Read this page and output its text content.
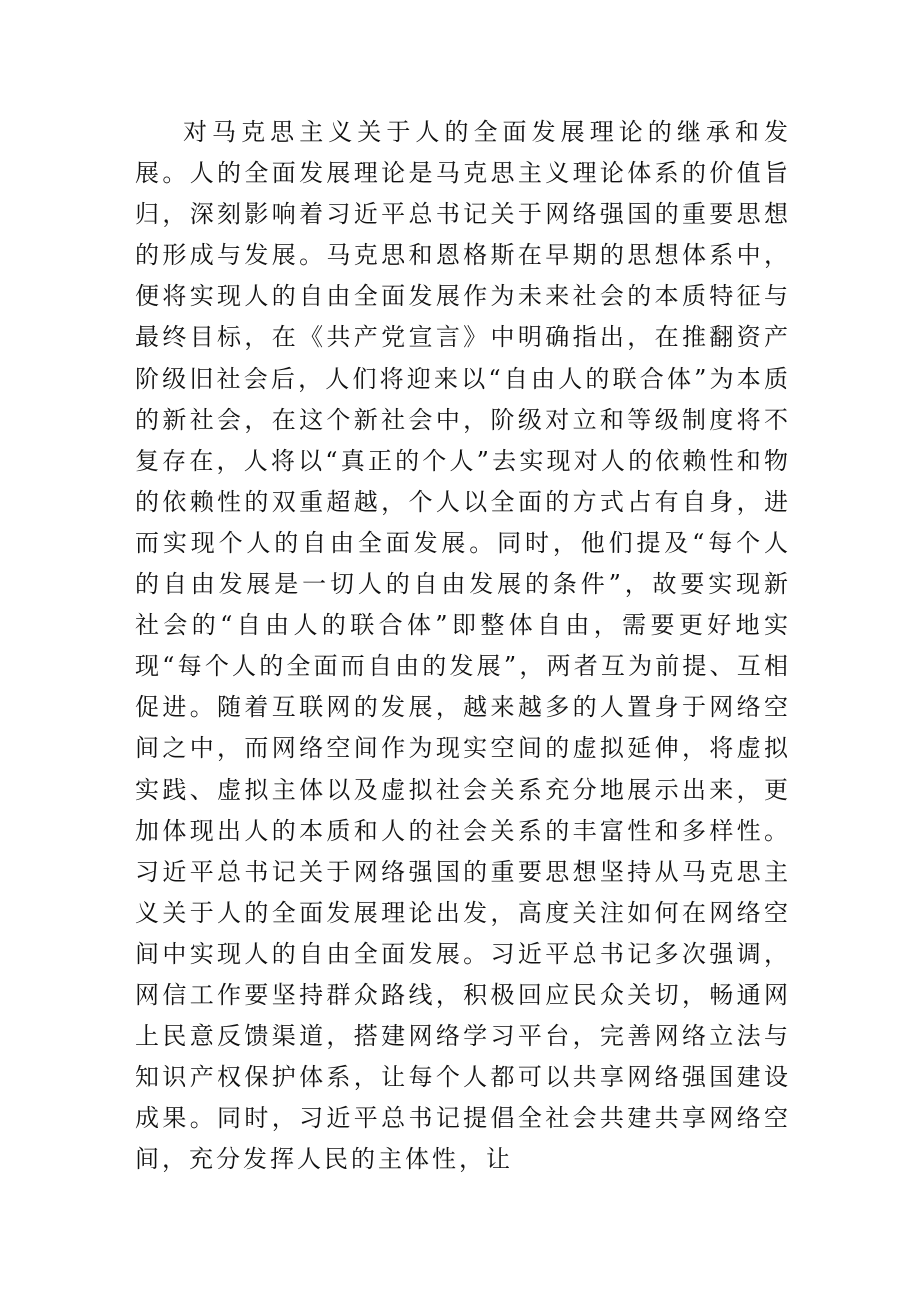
对马克思主义关于人的全面发展理论的继承和发展。人的全面发展理论是马克思主义理论体系的价值旨归，深刻影响着习近平总书记关于网络强国的重要思想的形成与发展。马克思和恩格斯在早期的思想体系中，便将实现人的自由全面发展作为未来社会的本质特征与最终目标，在《共产党宣言》中明确指出，在推翻资产阶级旧社会后，人们将迎来以“自由人的联合体”为本质的新社会，在这个新社会中，阶级对立和等级制度将不复存在，人将以“真正的个人”去实现对人的依赖性和物的依赖性的双重超越，个人以全面的方式占有自身，进而实现个人的自由全面发展。同时，他们提及“每个人的自由发展是一切人的自由发展的条件”，故要实现新社会的“自由人的联合体”即整体自由，需要更好地实现“每个人的全面而自由的发展”，两者互为前提、互相促进。随着互联网的发展，越来越多的人置身于网络空间之中，而网络空间作为现实空间的虚拟延伸，将虚拟实践、虚拟主体以及虚拟社会关系充分地展示出来，更加体现出人的本质和人的社会关系的丰富性和多样性。习近平总书记关于网络强国的重要思想坚持从马克思主义关于人的全面发展理论出发，高度关注如何在网络空间中实现人的自由全面发展。习近平总书记多次强调，网信工作要坚持群众路线，积极回应民众关切，畅通网上民意反馈渠道，搭建网络学习平台，完善网络立法与知识产权保护体系，让每个人都可以共享网络强国建设成果。同时，习近平总书记提倡全社会共建共享网络空间，充分发挥人民的主体性，让
